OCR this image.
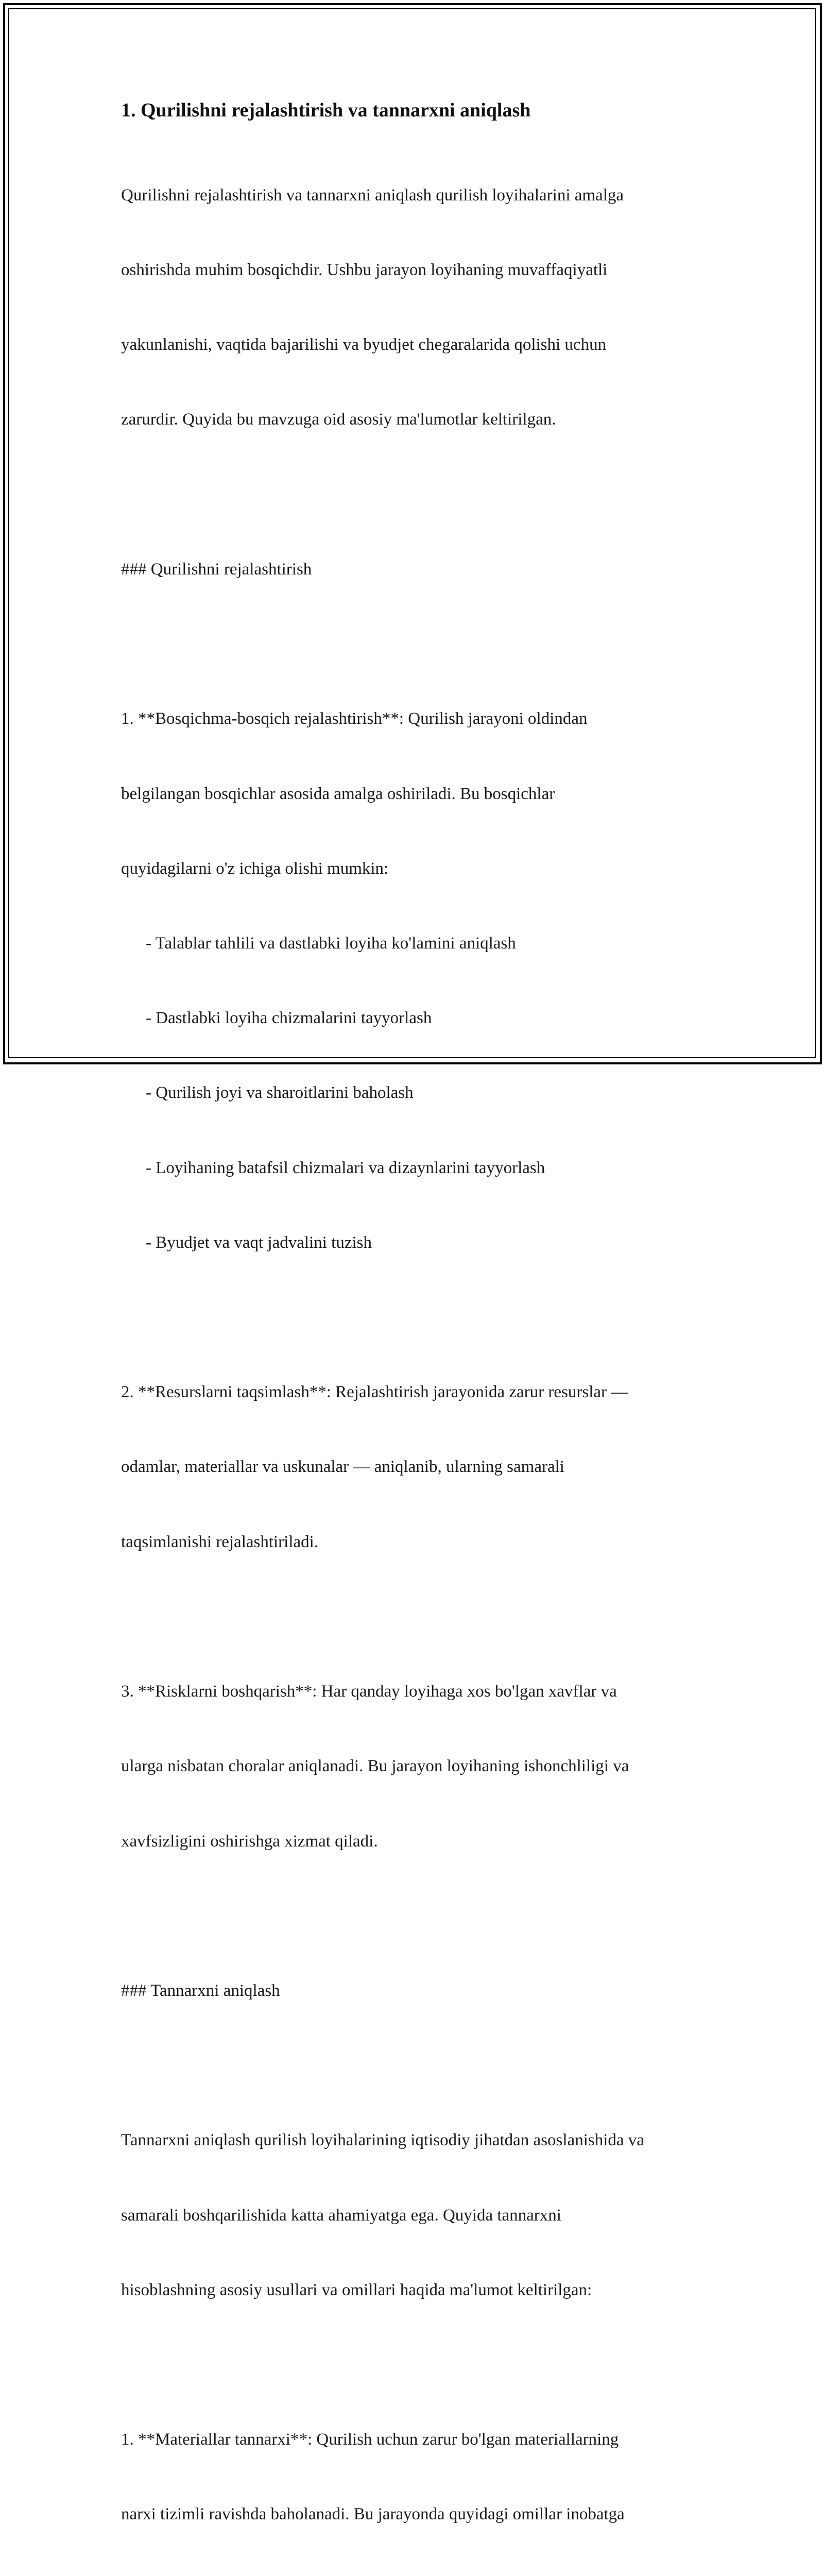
1. Qurilishni rejalashtirish va tannarxni aniqlash

Qurilishni rejalashtirish va tannarxni aniqlash qurilish loyihalarini amalga

oshirishda muhim bosqichdir. Ushbu jarayon loyihaning muvaffaqiyatli

yakunlanishi, vaqtida bajarilishi va byudjet chegaralarida qolishi uchun

zarurdir. Quyida bu mavzuga oid asosiy ma'lumotlar keltirilgan.

### Qurilishni rejalashtirish

1. **Bosqichma-bosqich rejalashtirish**: Qurilish jarayoni oldindan

belgilangan bosqichlar asosida amalga oshiriladi. Bu bosqichlar

quyidagilarni o'z ichiga olishi mumkin:

- Talablar tahlili va dastlabki loyiha ko'lamini aniqlash

- Dastlabki loyiha chizmalarini tayyorlash

- Qurilish joyi va sharoitlarini baholash

- Loyihaning batafsil chizmalari va dizaynlarini tayyorlash

- Byudjet va vaqt jadvalini tuzish

2. **Resurslarni taqsimlash**: Rejalashtirish jarayonida zarur resurslar —

odamlar, materiallar va uskunalar — aniqlanib, ularning samarali

taqsimlanishi rejalashtiriladi.

3. **Risklarni boshqarish**: Har qanday loyihaga xos bo'lgan xavflar va

ularga nisbatan choralar aniqlanadi. Bu jarayon loyihaning ishonchliligi va

xavfsizligini oshirishga xizmat qiladi.

### Tannarxni aniqlash

Tannarxni aniqlash qurilish loyihalarining iqtisodiy jihatdan asoslanishida va

samarali boshqarilishida katta ahamiyatga ega. Quyida tannarxni

hisoblashning asosiy usullari va omillari haqida ma'lumot keltirilgan:

1. **Materiallar tannarxi**: Qurilish uchun zarur bo'lgan materiallarning

narxi tizimli ravishda baholanadi. Bu jarayonda quyidagi omillar inobatga
